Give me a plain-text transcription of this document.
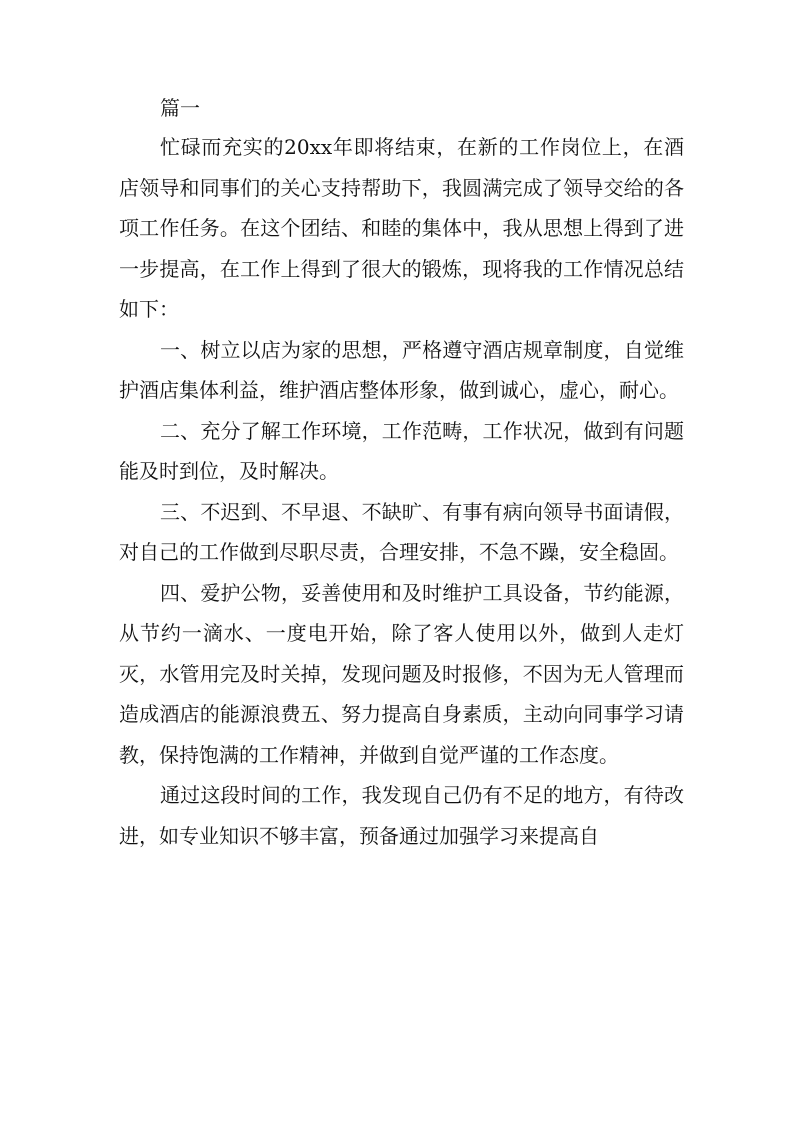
篇一

忙碌而充实的20xx年即将结束，在新的工作岗位上，在酒店领导和同事们的关心支持帮助下，我圆满完成了领导交给的各项工作任务。在这个团结、和睦的集体中，我从思想上得到了进一步提高，在工作上得到了很大的锻炼，现将我的工作情况总结如下：

一、树立以店为家的思想，严格遵守酒店规章制度，自觉维护酒店集体利益，维护酒店整体形象，做到诚心，虚心，耐心。

二、充分了解工作环境，工作范畴，工作状况，做到有问题能及时到位，及时解决。

三、不迟到、不早退、不缺旷、有事有病向领导书面请假，对自己的工作做到尽职尽责，合理安排，不急不躁，安全稳固。

四、爱护公物，妥善使用和及时维护工具设备，节约能源，从节约一滴水、一度电开始，除了客人使用以外，做到人走灯灭，水管用完及时关掉，发现问题及时报修，不因为无人管理而造成酒店的能源浪费五、努力提高自身素质，主动向同事学习请教，保持饱满的工作精神，并做到自觉严谨的工作态度。

通过这段时间的工作，我发现自己仍有不足的地方，有待改进，如专业知识不够丰富，预备通过加强学习来提高自
